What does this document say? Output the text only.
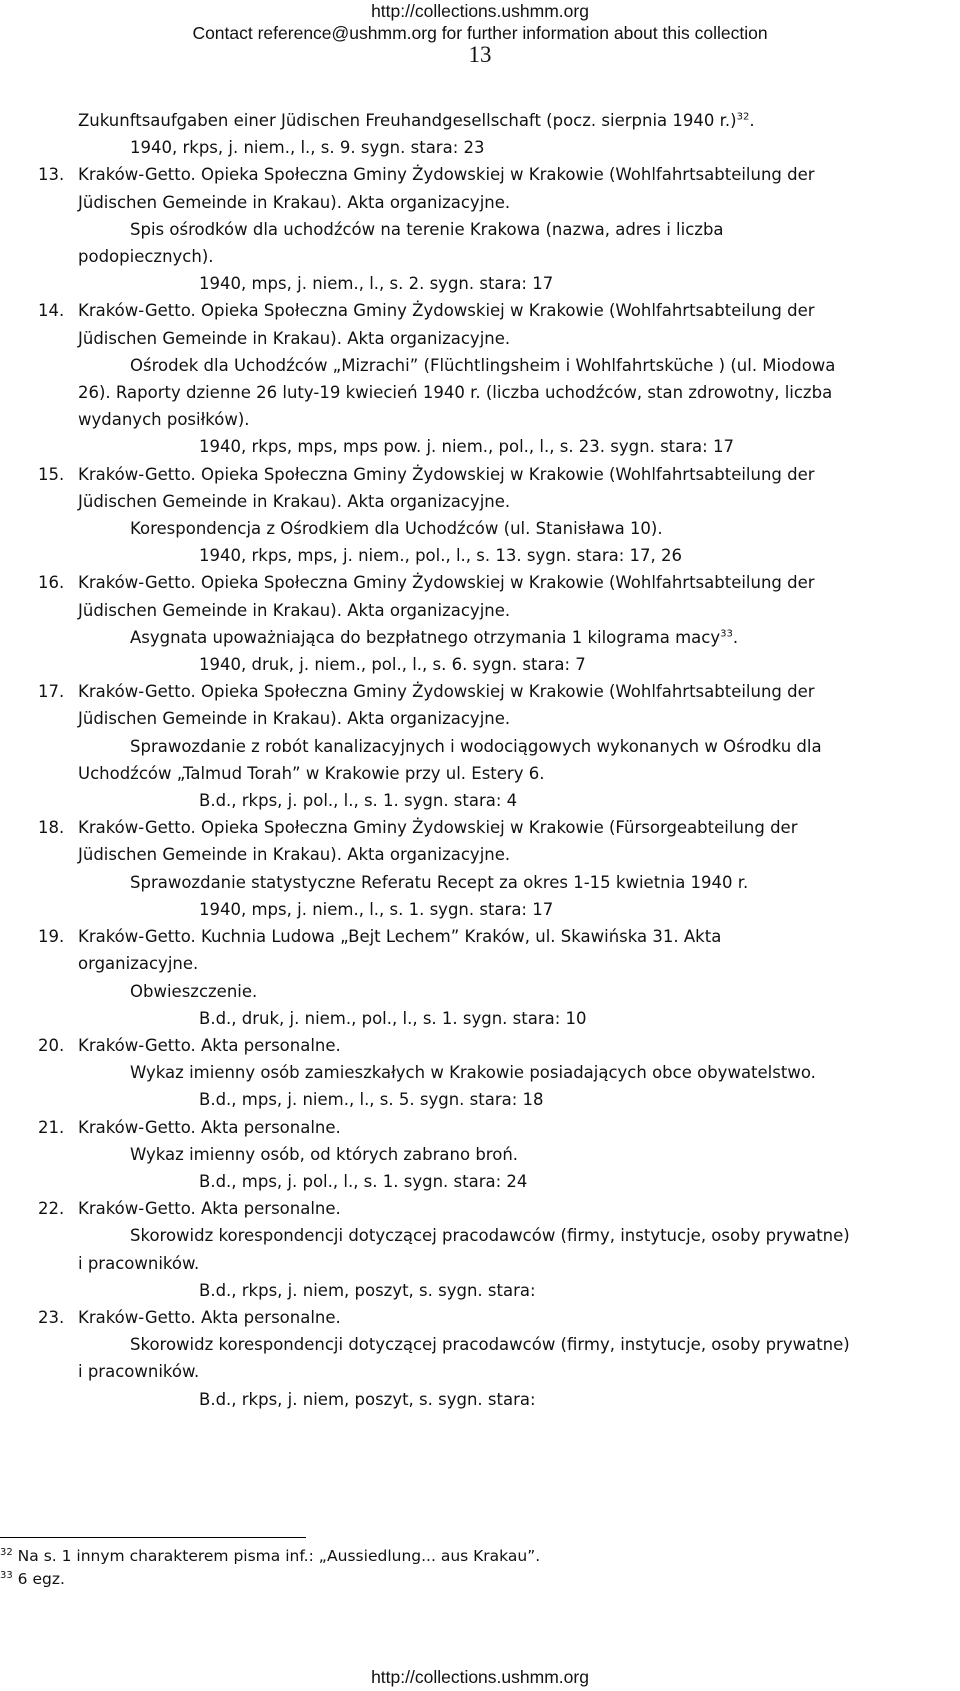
http://collections.ushmm.org
Contact reference@ushmm.org for further information about this collection
13
Zukunftsaufgaben einer Jüdischen Freuhandgesellschaft (pocz. sierpnia 1940 r.)$^{32}$.
1940, rkps, j. niem., l., s. 9. sygn. stara: 23
13. Kraków-Getto. Opieka Społeczna Gminy Żydowskiej w Krakowie (Wohlfahrtsabteilung der
Jüdischen Gemeinde in Krakau). Akta organizacyjne.
Spis ośrodków dla uchodźców na terenie Krakowa (nazwa, adres i liczba
podopiecznych).
1940, mps, j. niem., l., s. 2. sygn. stara: 17
14. Kraków-Getto. Opieka Społeczna Gminy Żydowskiej w Krakowie (Wohlfahrtsabteilung der
Jüdischen Gemeinde in Krakau). Akta organizacyjne.
Ośrodek dla Uchodźców „Mizrachi” (Flüchtlingsheim i Wohlfahrtsküche ) (ul. Miodowa
26). Raporty dzienne 26 luty-19 kwiecień 1940 r. (liczba uchodźców, stan zdrowotny, liczba
wydanych posiłków).
1940, rkps, mps, mps pow. j. niem., pol., l., s. 23. sygn. stara: 17
15. Kraków-Getto. Opieka Społeczna Gminy Żydowskiej w Krakowie (Wohlfahrtsabteilung der
Jüdischen Gemeinde in Krakau). Akta organizacyjne.
Korespondencja z Ośrodkiem dla Uchodźców (ul. Stanisława 10).
1940, rkps, mps, j. niem., pol., l., s. 13. sygn. stara: 17, 26
16. Kraków-Getto. Opieka Społeczna Gminy Żydowskiej w Krakowie (Wohlfahrtsabteilung der
Jüdischen Gemeinde in Krakau). Akta organizacyjne.
Asygnata upoważniająca do bezpłatnego otrzymania 1 kilograma macy$^{33}$.
1940, druk, j. niem., pol., l., s. 6. sygn. stara: 7
17. Kraków-Getto. Opieka Społeczna Gminy Żydowskiej w Krakowie (Wohlfahrtsabteilung der
Jüdischen Gemeinde in Krakau). Akta organizacyjne.
Sprawozdanie z robót kanalizacyjnych i wodociągowych wykonanych w Ośrodku dla
Uchodźców „Talmud Torah” w Krakowie przy ul. Estery 6.
B.d., rkps, j. pol., l., s. 1. sygn. stara: 4
18. Kraków-Getto. Opieka Społeczna Gminy Żydowskiej w Krakowie (Fürsorgeabteilung der
Jüdischen Gemeinde in Krakau). Akta organizacyjne.
Sprawozdanie statystyczne Referatu Recept za okres 1-15 kwietnia 1940 r.
1940, mps, j. niem., l., s. 1. sygn. stara: 17
19. Kraków-Getto. Kuchnia Ludowa „Bejt Lechem” Kraków, ul. Skawińska 31. Akta
organizacyjne.
Obwieszczenie.
B.d., druk, j. niem., pol., l., s. 1. sygn. stara: 10
20. Kraków-Getto. Akta personalne.
Wykaz imienny osób zamieszkałych w Krakowie posiadających obce obywatelstwo.
B.d., mps, j. niem., l., s. 5. sygn. stara: 18
21. Kraków-Getto. Akta personalne.
Wykaz imienny osób, od których zabrano broń.
B.d., mps, j. pol., l., s. 1. sygn. stara: 24
22. Kraków-Getto. Akta personalne.
Skorowidz korespondencji dotyczącej pracodawców (firmy, instytucje, osoby prywatne)
i pracowników.
B.d., rkps, j. niem, poszyt, s. sygn. stara:
23. Kraków-Getto. Akta personalne.
Skorowidz korespondencji dotyczącej pracodawców (firmy, instytucje, osoby prywatne)
i pracowników.
B.d., rkps, j. niem, poszyt, s. sygn. stara:
$^{32}$ Na s. 1 innym charakterem pisma inf.: „Aussiedlung... aus Krakau”.
$^{33}$ 6 egz.
http://collections.ushmm.org
